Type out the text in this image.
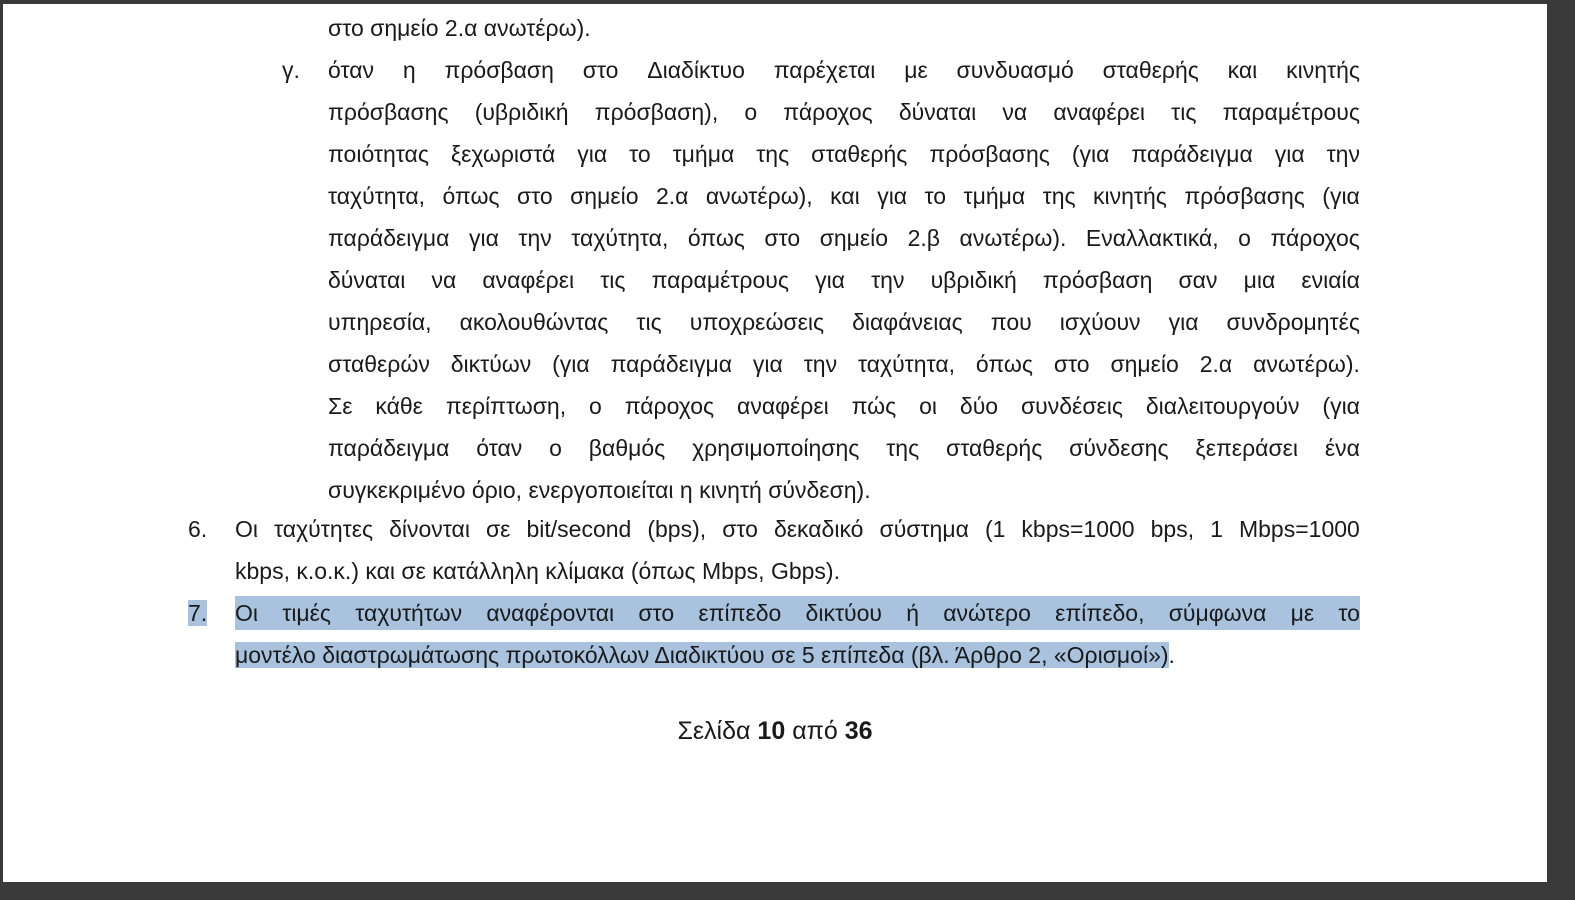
στο σημείο 2.α ανωτέρω).
γ. όταν η πρόσβαση στο Διαδίκτυο παρέχεται με συνδυασμό σταθερής και κινητής
πρόσβασης (υβριδική πρόσβαση), ο πάροχος δύναται να αναφέρει τις παραμέτρους
ποιότητας ξεχωριστά για το τμήμα της σταθερής πρόσβασης (για παράδειγμα για την
ταχύτητα, όπως στο σημείο 2.α ανωτέρω), και για το τμήμα της κινητής πρόσβασης (για
παράδειγμα για την ταχύτητα, όπως στο σημείο 2.β ανωτέρω). Εναλλακτικά, ο πάροχος
δύναται να αναφέρει τις παραμέτρους για την υβριδική πρόσβαση σαν μια ενιαία
υπηρεσία, ακολουθώντας τις υποχρεώσεις διαφάνειας που ισχύουν για συνδρομητές
σταθερών δικτύων (για παράδειγμα για την ταχύτητα, όπως στο σημείο 2.α ανωτέρω).
Σε κάθε περίπτωση, ο πάροχος αναφέρει πώς οι δύο συνδέσεις διαλειτουργούν (για
παράδειγμα όταν ο βαθμός χρησιμοποίησης της σταθερής σύνδεσης ξεπεράσει ένα
συγκεκριμένο όριο, ενεργοποιείται η κινητή σύνδεση).
6. Οι ταχύτητες δίνονται σε bit/second (bps), στο δεκαδικό σύστημα (1 kbps=1000 bps, 1 Mbps=1000
kbps, κ.ο.κ.) και σε κατάλληλη κλίμακα (όπως Mbps, Gbps).
7. Οι τιμές ταχυτήτων αναφέρονται στο επίπεδο δικτύου ή ανώτερο επίπεδο, σύμφωνα με το
μοντέλο διαστρωμάτωσης πρωτοκόλλων Διαδικτύου σε 5 επίπεδα (βλ. Άρθρο 2, «Ορισμοί»).
Σελίδα 10 από 36
